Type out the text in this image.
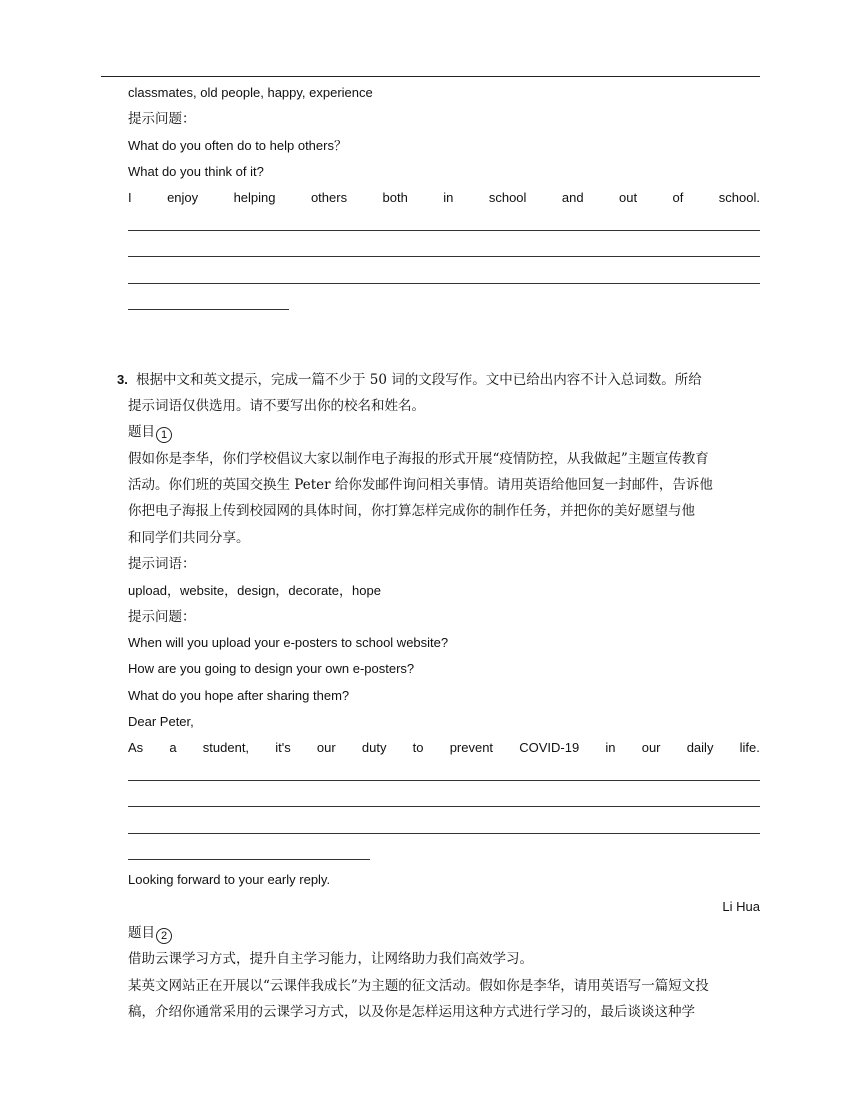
classmates, old people, happy, experience
提示问题：
What do you often do to help others？
What do you think of it?
I	enjoy	helping	others	both	in	school	and	out	of	school.
3. 根据中文和英文提示，完成一篇不少于 50 词的文段写作。文中已给出内容不计入总词数。所给
提示词语仅供选用。请不要写出你的校名和姓名。
题目 1
假如你是李华，你们学校倡议大家以制作电子海报的形式开展“疫情防控，从我做起”主题宣传教育
活动。你们班的英国交换生 Peter 给你发邮件询问相关事情。请用英语给他回复一封邮件，告诉他
你把电子海报上传到校园网的具体时间，你打算怎样完成你的制作任务，并把你的美好愿望与他
和同学们共同分享。
提示词语：
upload，website，design，decorate，hope
提示问题：
When will you upload your e-posters to school website?
How are you going to design your own e-posters?
What do you hope after sharing them?
Dear Peter,
As a student, it's our duty to prevent COVID-19 in our daily life.
Looking forward to your early reply.
Li Hua
题目 2
借助云课学习方式，提升自主学习能力，让网络助力我们高效学习。
某英文网站正在开展以“云课伴我成长”为主题的征文活动。假如你是李华，请用英语写一篇短文投
稿，介绍你通常采用的云课学习方式，以及你是怎样运用这种方式进行学习的，最后谈谈这种学
